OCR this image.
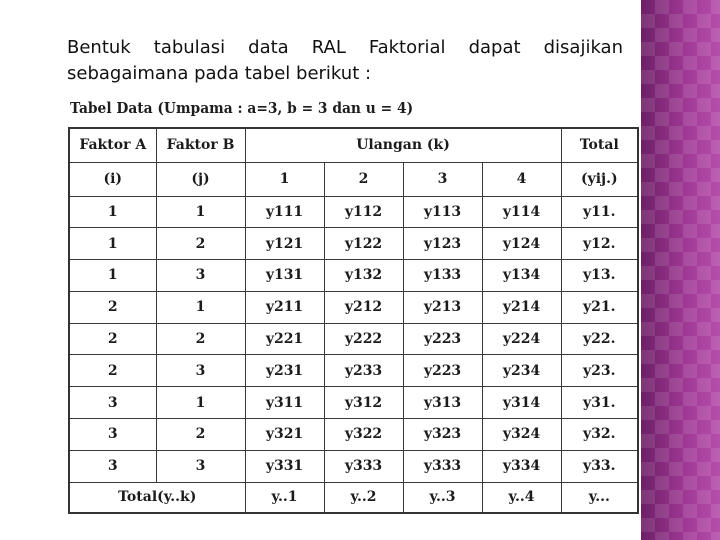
Bentuk tabulasi data RAL Faktorial dapat disajikan sebagaimana pada tabel berikut :

Tabel Data (Umpama : a=3, b = 3 dan u = 4)

Faktor A	Faktor B	Ulangan (k)				Total
(i)	(j)	1	2	3	4	(yij.)
1	1	y111	y112	y113	y114	y11.
1	2	y121	y122	y123	y124	y12.
1	3	y131	y132	y133	y134	y13.
2	1	y211	y212	y213	y214	y21.
2	2	y221	y222	y223	y224	y22.
2	3	y231	y233	y223	y234	y23.
3	1	y311	y312	y313	y314	y31.
3	2	y321	y322	y323	y324	y32.
3	3	y331	y333	y333	y334	y33.
Total(y..k)		y..1	y..2	y..3	y..4	y...
